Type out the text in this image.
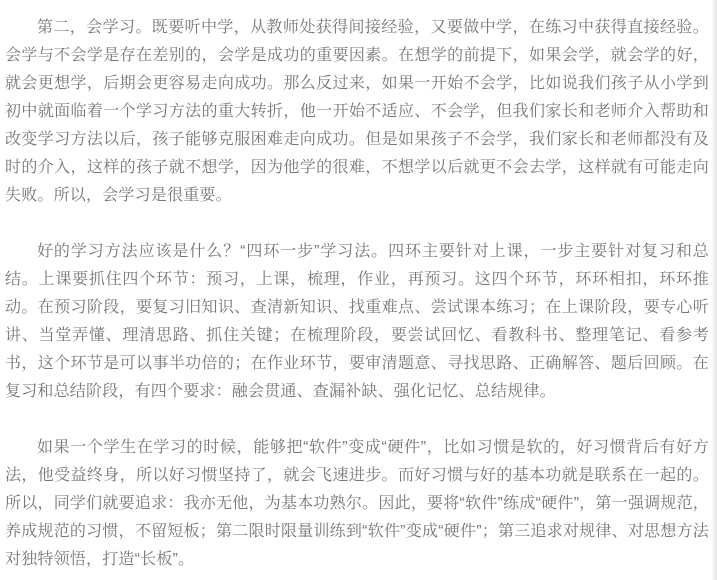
第二，会学习。既要听中学，从教师处获得间接经验，又要做中学，在练习中获得直接经验。会学与不会学是存在差别的，会学是成功的重要因素。在想学的前提下，如果会学，就会学的好，就会更想学，后期会更容易走向成功。那么反过来，如果一开始不会学，比如说我们孩子从小学到初中就面临着一个学习方法的重大转折，他一开始不适应、不会学，但我们家长和老师介入帮助和改变学习方法以后，孩子能够克服困难走向成功。但是如果孩子不会学，我们家长和老师都没有及时的介入，这样的孩子就不想学，因为他学的很难，不想学以后就更不会去学，这样就有可能走向失败。所以，会学习是很重要。

好的学习方法应该是什么？“四环一步”学习法。四环主要针对上课，一步主要针对复习和总结。上课要抓住四个环节：预习，上课，梳理，作业，再预习。这四个环节，环环相扣，环环推动。在预习阶段，要复习旧知识、查清新知识、找重难点、尝试课本练习；在上课阶段，要专心听讲、当堂弄懂、理清思路、抓住关键；在梳理阶段，要尝试回忆、看教科书、整理笔记、看参考书，这个环节是可以事半功倍的；在作业环节，要审清题意、寻找思路、正确解答、题后回顾。在复习和总结阶段，有四个要求：融会贯通、查漏补缺、强化记忆、总结规律。

如果一个学生在学习的时候，能够把“软件”变成“硬件”，比如习惯是软的，好习惯背后有好方法，他受益终身，所以好习惯坚持了，就会飞速进步。而好习惯与好的基本功就是联系在一起的。所以，同学们就要追求：我亦无他，为基本功熟尔。因此，要将“软件”练成“硬件”，第一强调规范，养成规范的习惯，不留短板；第二限时限量训练到“软件”变成“硬件”；第三追求对规律、对思想方法对独特领悟，打造“长板”。
